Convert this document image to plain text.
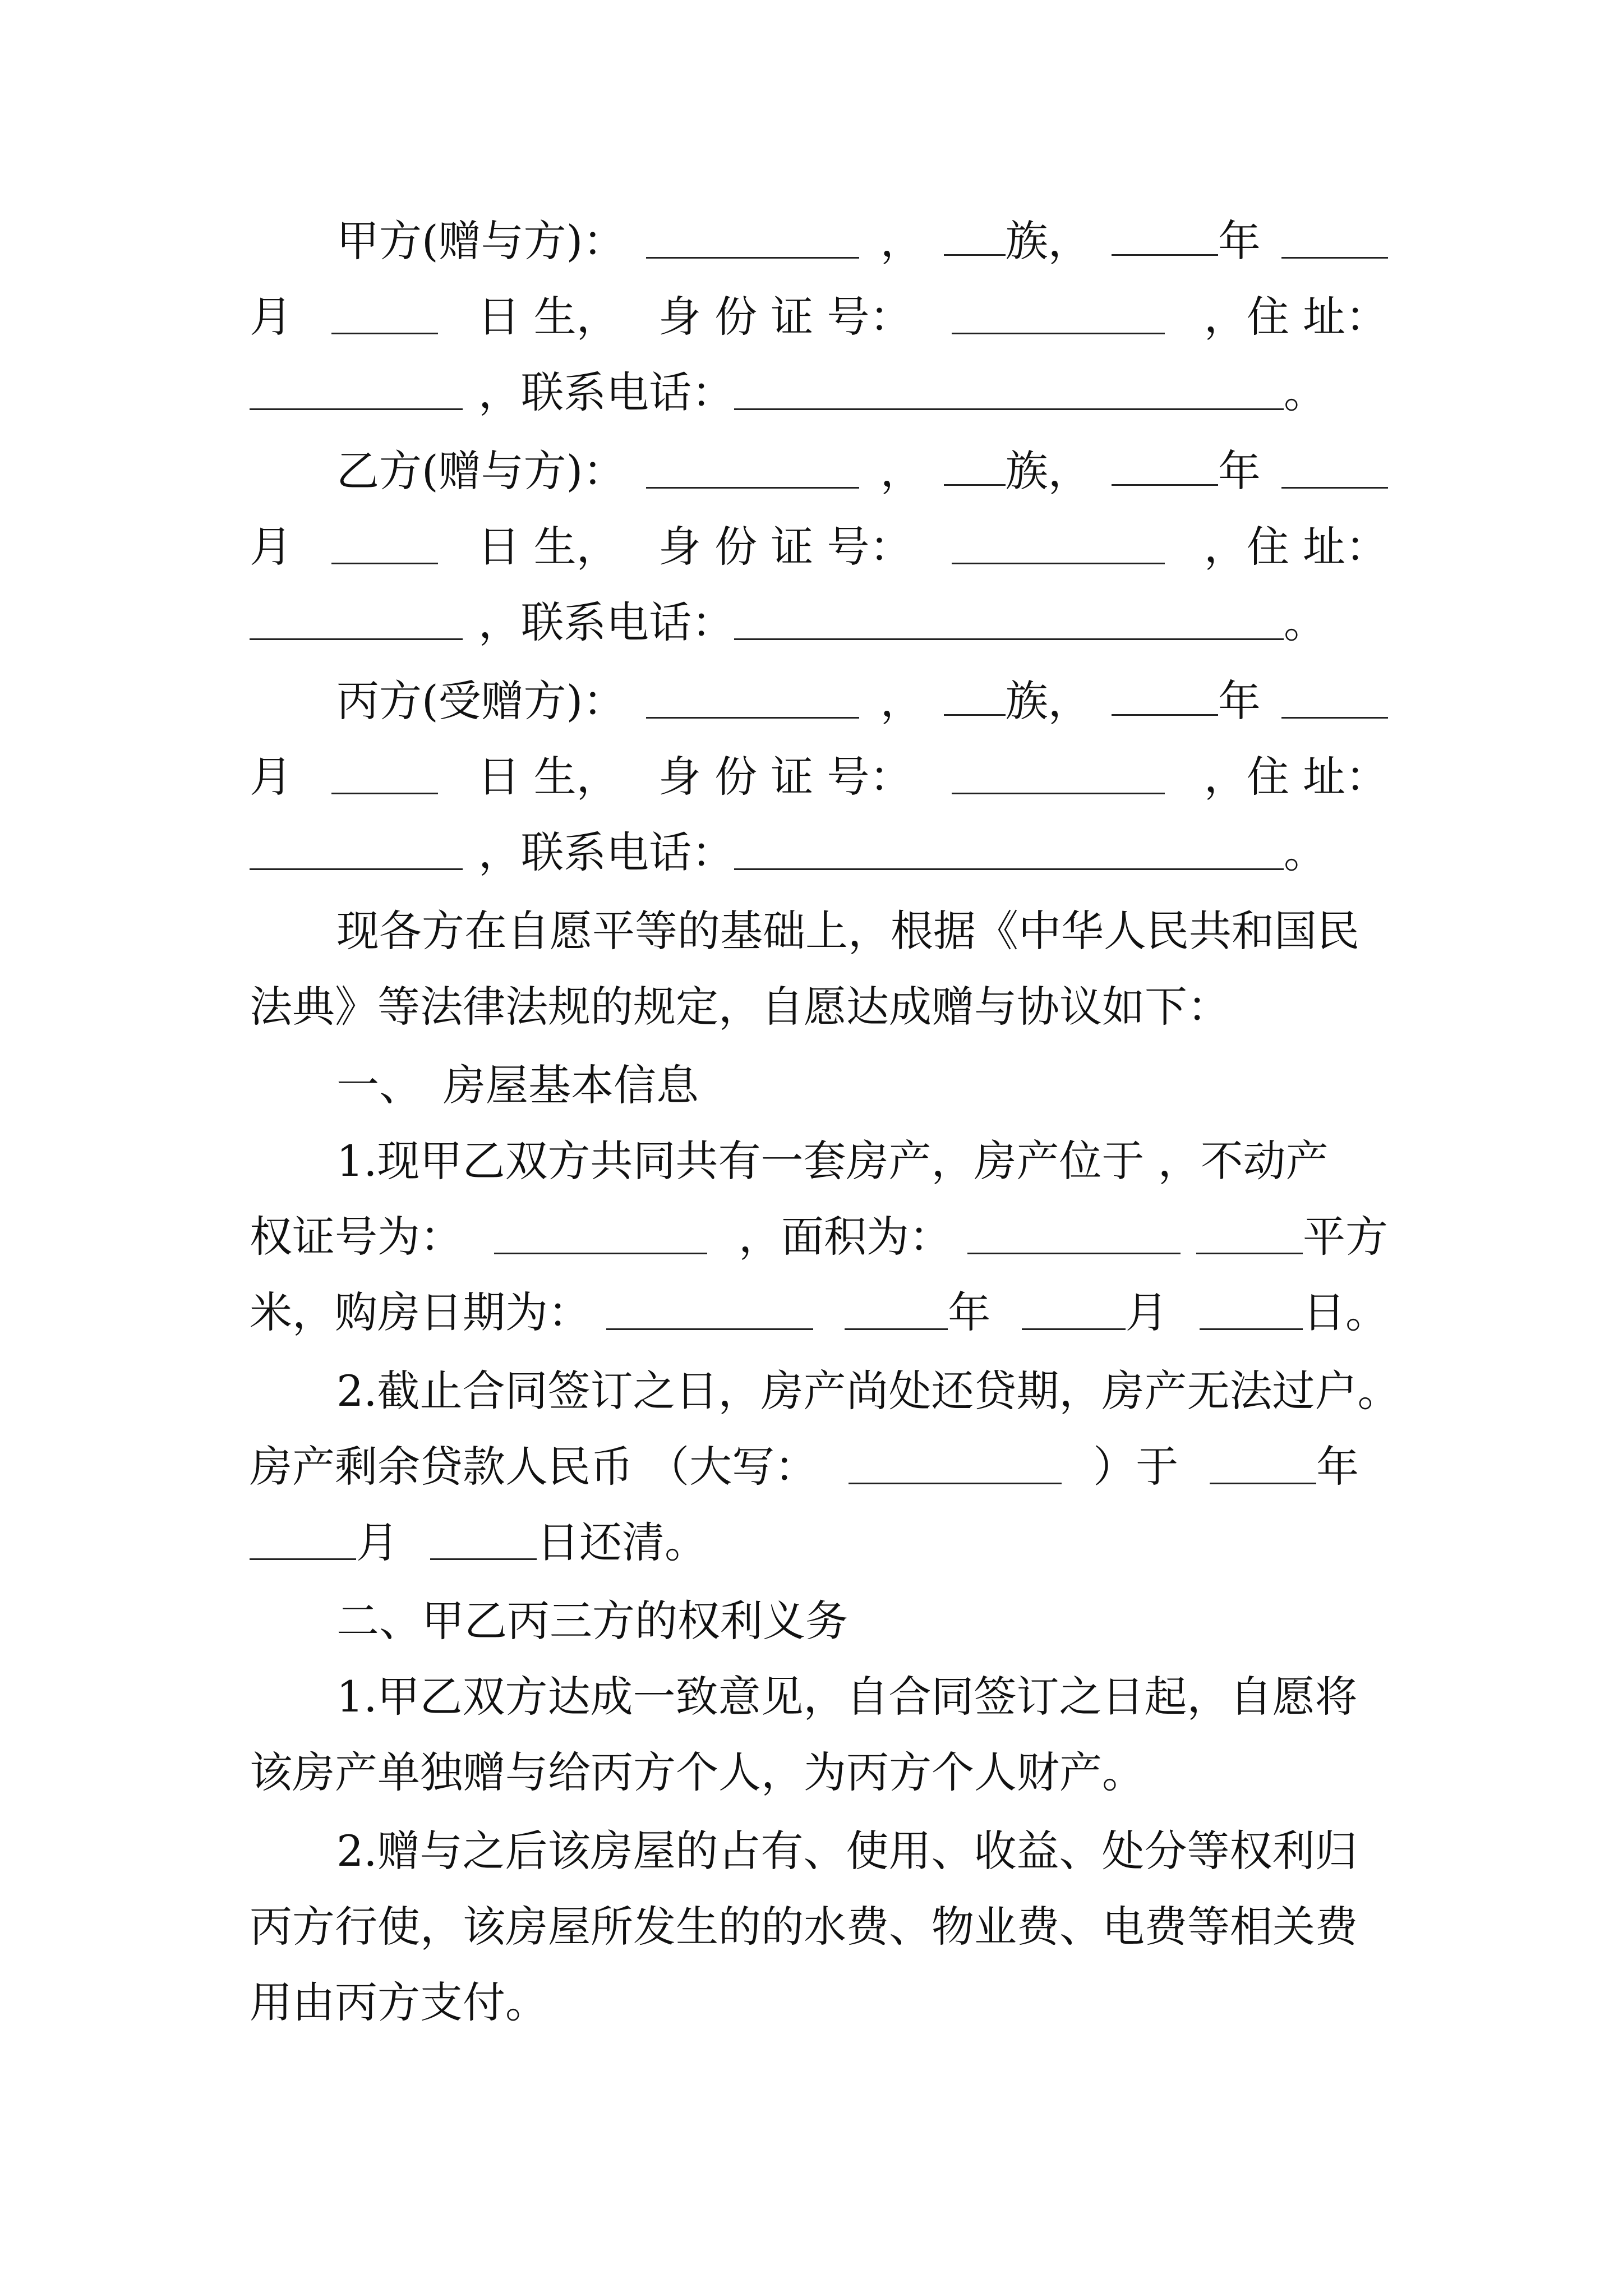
甲方(赠与方)：	，	族，	年
月	日 生， 身 份 证 号：	，住 址：
，联系电话：	。
乙方(赠与方)：	，	族，	年
月	日 生， 身 份 证 号：	，住 址：
，联系电话：	。
丙方(受赠方)：	，	族，	年
月	日 生， 身 份 证 号：	，住 址：
，联系电话：	。
现各方在自愿平等的基础上，根据《中华人民共和国民
法典》等法律法规的规定，自愿达成赠与协议如下：
一、　房屋基本信息
1.现甲乙双方共同共有一套房产，房产位于 ，不动产
权证号为：	，面积为：	平方
米，购房日期为：	年	月	日。
2.截止合同签订之日，房产尚处还贷期，房产无法过户。
房产剩余贷款人民币 （大写：	）于	年
月	日还清。
二、甲乙丙三方的权利义务
1.甲乙双方达成一致意见，自合同签订之日起，自愿将
该房产单独赠与给丙方个人，为丙方个人财产。
2.赠与之后该房屋的占有、使用、收益、处分等权利归
丙方行使，该房屋所发生的的水费、物业费、电费等相关费
用由丙方支付。
